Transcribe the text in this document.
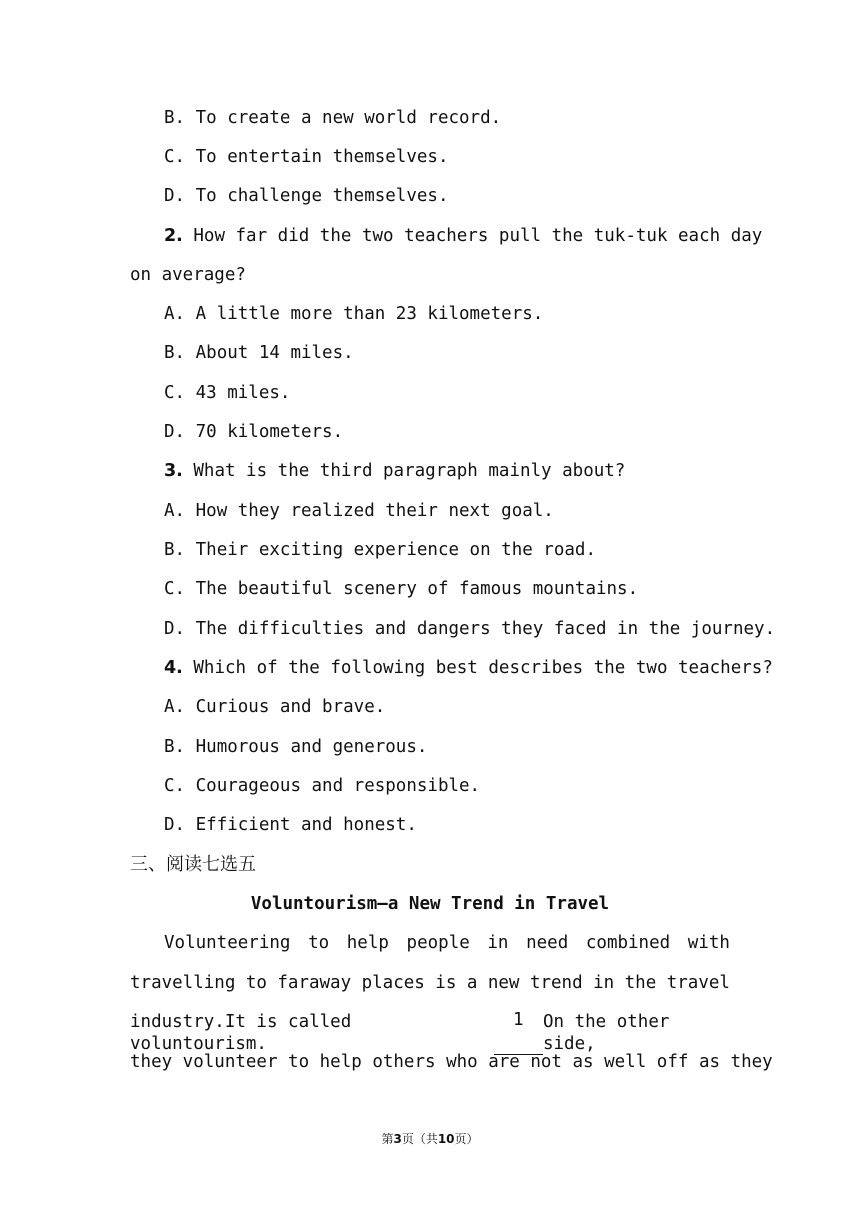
B. To create a new world record.
C. To entertain themselves.
D. To challenge themselves.
2. How far did the two teachers pull the tuk-tuk each day
on average?
A. A little more than 23 kilometers.
B. About 14 miles.
C. 43 miles.
D. 70 kilometers.
3. What is the third paragraph mainly about?
A. How they realized their next goal.
B. Their exciting experience on the road.
C. The beautiful scenery of famous mountains.
D. The difficulties and dangers they faced in the journey.
4. Which of the following best describes the two teachers?
A. Curious and brave.
B. Humorous and generous.
C. Courageous and responsible.
D. Efficient and honest.
三、阅读七选五
Voluntourism—a New Trend in Travel
Volunteering to help people in need combined with
travelling to faraway places is a new trend in the travel
industry.It is called voluntourism.
1	On the other side,
they volunteer to help others who are not as well off as they
第3页（共10页）
